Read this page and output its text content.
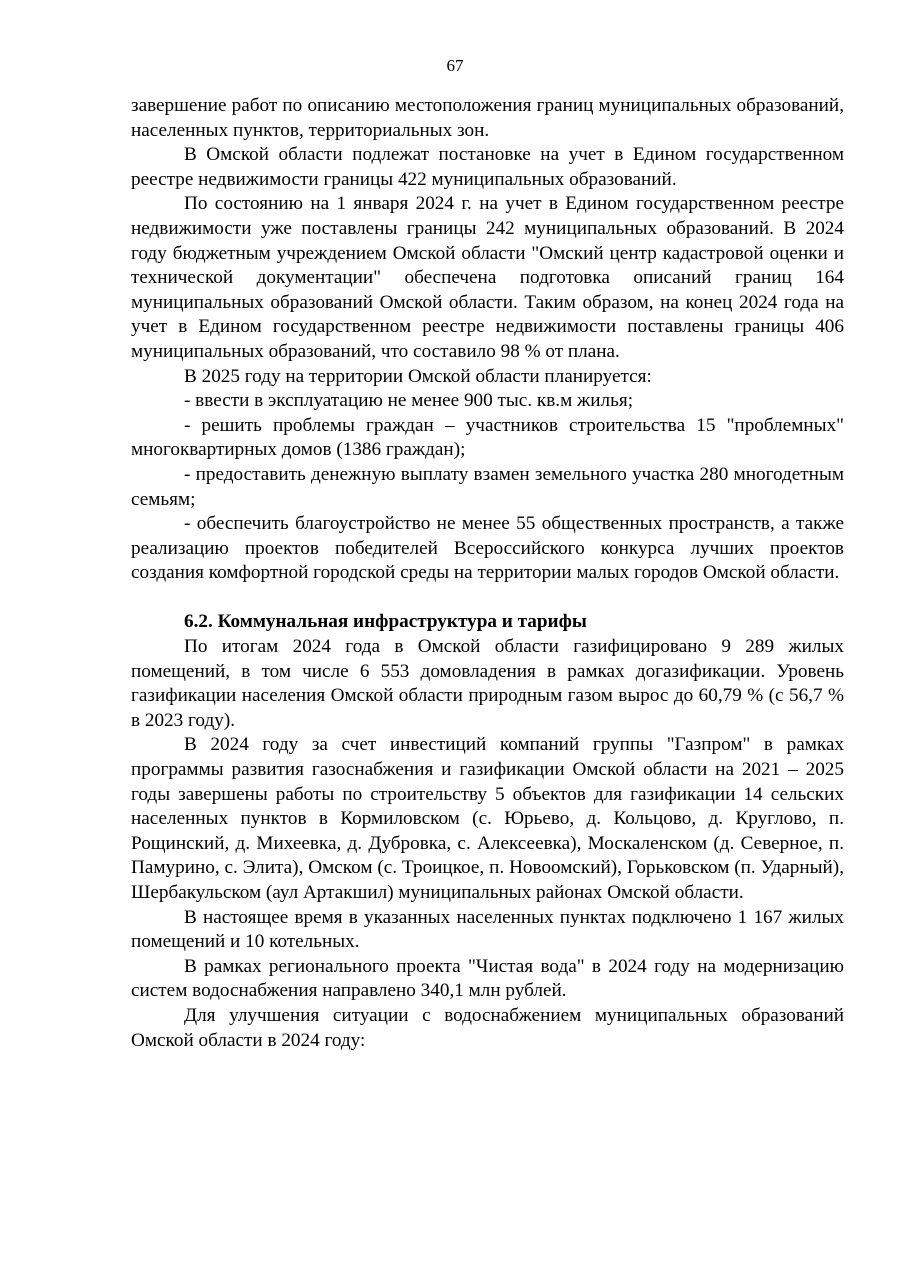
67

завершение работ по описанию местоположения границ муниципальных образований, населенных пунктов, территориальных зон.

В Омской области подлежат постановке на учет в Едином государственном реестре недвижимости границы 422 муниципальных образований.

По состоянию на 1 января 2024 г. на учет в Едином государственном реестре недвижимости уже поставлены границы 242 муниципальных образований. В 2024 году бюджетным учреждением Омской области "Омский центр кадастровой оценки и технической документации" обеспечена подготовка описаний границ 164 муниципальных образований Омской области. Таким образом, на конец 2024 года на учет в Едином государственном реестре недвижимости поставлены границы 406 муниципальных образований, что составило 98 % от плана.

В 2025 году на территории Омской области планируется:

- ввести в эксплуатацию не менее 900 тыс. кв.м жилья;

- решить проблемы граждан – участников строительства 15 "проблемных" многоквартирных домов (1386 граждан);

- предоставить денежную выплату взамен земельного участка 280 многодетным семьям;

- обеспечить благоустройство не менее 55 общественных пространств, а также реализацию проектов победителей Всероссийского конкурса лучших проектов создания комфортной городской среды на территории малых городов Омской области.

6.2. Коммунальная инфраструктура и тарифы

По итогам 2024 года в Омской области газифицировано 9 289 жилых помещений, в том числе 6 553 домовладения в рамках догазификации. Уровень газификации населения Омской области природным газом вырос до 60,79 % (с 56,7 % в 2023 году).

В 2024 году за счет инвестиций компаний группы "Газпром" в рамках программы развития газоснабжения и газификации Омской области на 2021 – 2025 годы завершены работы по строительству 5 объектов для газификации 14 сельских населенных пунктов в Кормиловском (с. Юрьево, д. Кольцово, д. Круглово, п. Рощинский, д. Михеевка, д. Дубровка, с. Алексеевка), Москаленском (д. Северное, п. Памурино, с. Элита), Омском (с. Троицкое, п. Новоомский), Горьковском (п. Ударный), Шербакульском (аул Артакшил) муниципальных районах Омской области.

В настоящее время в указанных населенных пунктах подключено 1 167 жилых помещений и 10 котельных.

В рамках регионального проекта "Чистая вода" в 2024 году на модернизацию систем водоснабжения направлено 340,1 млн рублей.

Для улучшения ситуации с водоснабжением муниципальных образований Омской области в 2024 году:
